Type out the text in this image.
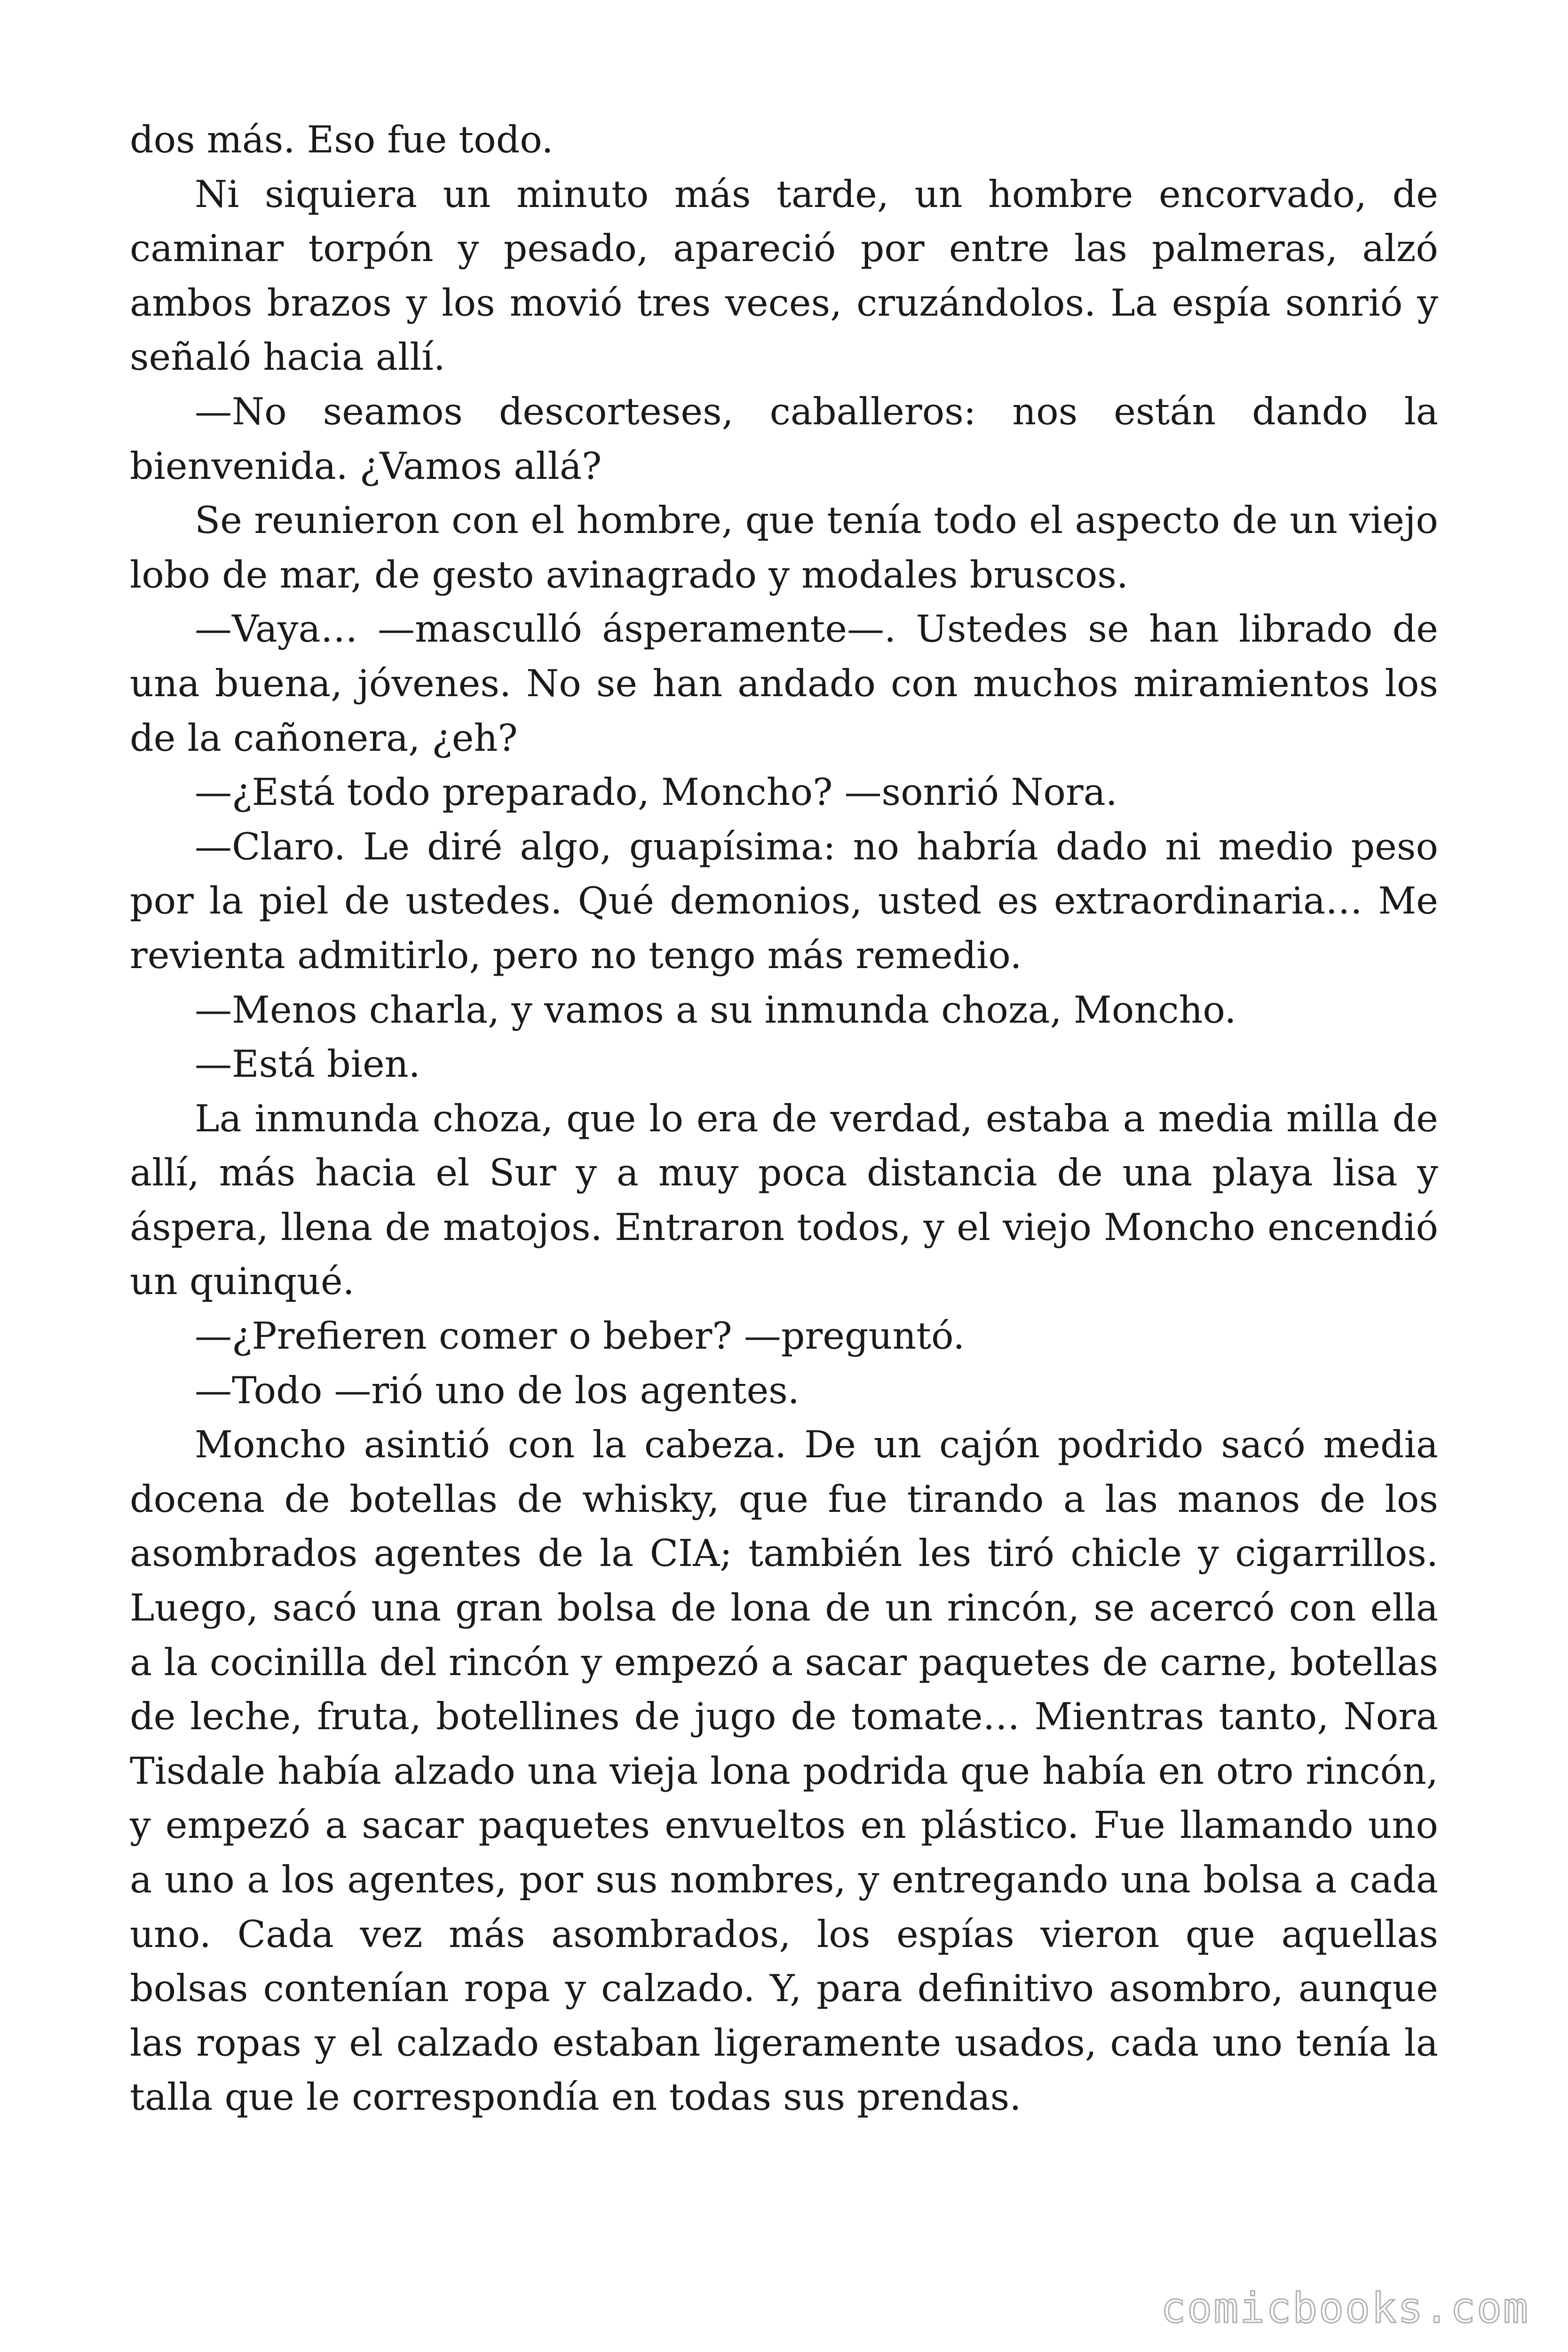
dos más. Eso fue todo.

Ni siquiera un minuto más tarde, un hombre encorvado, de caminar torpón y pesado, apareció por entre las palmeras, alzó ambos brazos y los movió tres veces, cruzándolos. La espía sonrió y señaló hacia allí.

—No seamos descorteses, caballeros: nos están dando la bienvenida. ¿Vamos allá?

Se reunieron con el hombre, que tenía todo el aspecto de un viejo lobo de mar, de gesto avinagrado y modales bruscos.

—Vaya… —mascullό ásperamente—. Ustedes se han librado de una buena, jóvenes. No se han andado con muchos miramientos los de la cañonera, ¿eh?

—¿Está todo preparado, Moncho? —sonrió Nora.

—Claro. Le diré algo, guapísima: no habría dado ni medio peso por la piel de ustedes. Qué demonios, usted es extraordinaria… Me revienta admitirlo, pero no tengo más remedio.

—Menos charla, y vamos a su inmunda choza, Moncho.

—Está bien.

La inmunda choza, que lo era de verdad, estaba a media milla de allí, más hacia el Sur y a muy poca distancia de una playa lisa y áspera, llena de matojos. Entraron todos, y el viejo Moncho encendió un quinqué.

—¿Prefieren comer o beber? —preguntó.

—Todo —rió uno de los agentes.

Moncho asintió con la cabeza. De un cajón podrido sacó media docena de botellas de whisky, que fue tirando a las manos de los asombrados agentes de la CIA; también les tiró chicle y cigarrillos. Luego, sacó una gran bolsa de lona de un rincón, se acercó con ella a la cocinilla del rincón y empezó a sacar paquetes de carne, botellas de leche, fruta, botellines de jugo de tomate… Mientras tanto, Nora Tisdale había alzado una vieja lona podrida que había en otro rincón, y empezó a sacar paquetes envueltos en plástico. Fue llamando uno a uno a los agentes, por sus nombres, y entregando una bolsa a cada uno. Cada vez más asombrados, los espías vieron que aquellas bolsas contenían ropa y calzado. Y, para definitivo asombro, aunque las ropas y el calzado estaban ligeramente usados, cada uno tenía la talla que le correspondía en todas sus prendas.

comicbooks.com
